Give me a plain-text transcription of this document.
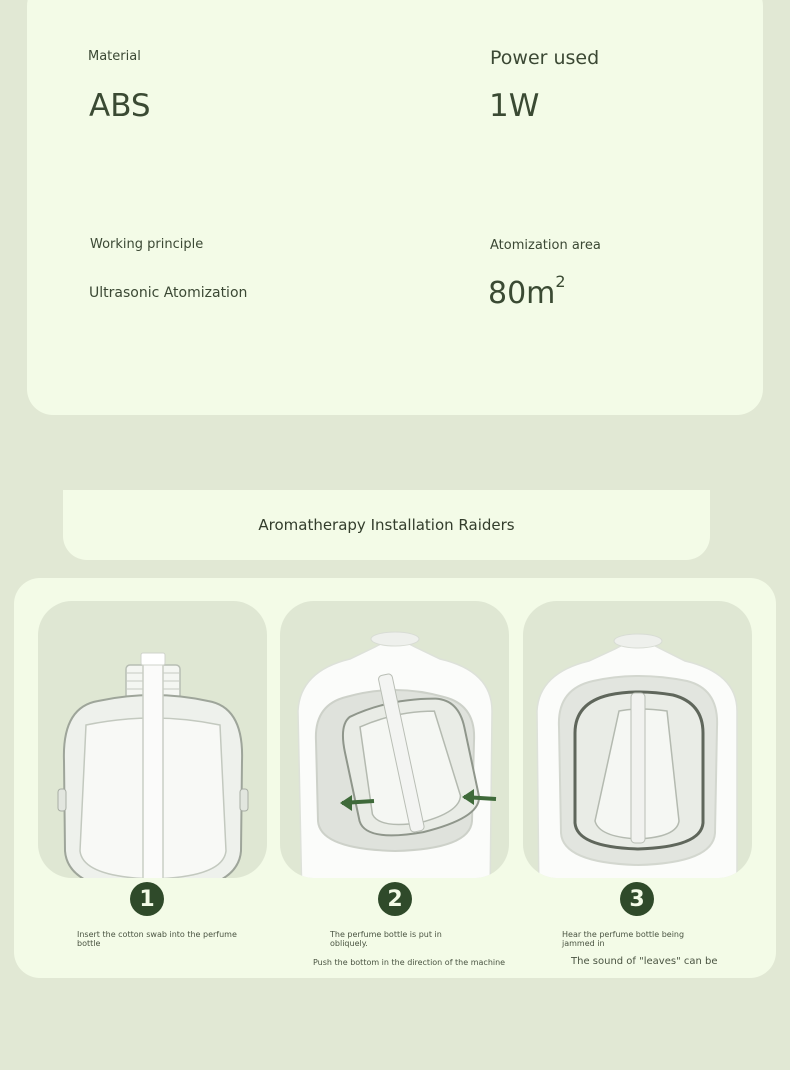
Material
ABS
Power used
1W
Working principle
Ultrasonic Atomization
Atomization area
$80m^2$
Aromatherapy Installation Raiders
1	2	3
Insert the cotton swab into the perfume bottle
The perfume bottle is put in obliquely.
Push the bottom in the direction of the machine
Hear the perfume bottle being jammed in
The sound of "leaves" can be
